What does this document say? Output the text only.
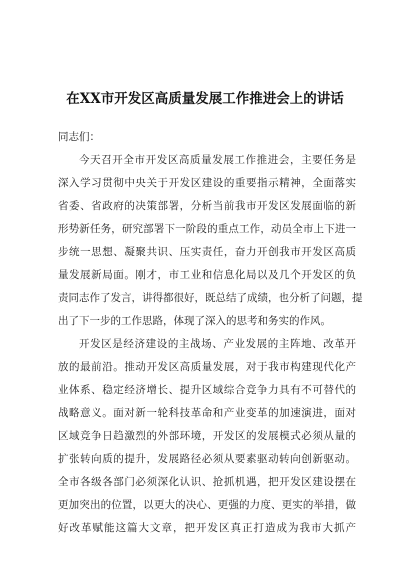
在XX市开发区高质量发展工作推进会上的讲话
同志们：
今天召开全市开发区高质量发展工作推进会，主要任务是
深入学习贯彻中央关于开发区建设的重要指示精神，全面落实
省委、省政府的决策部署，分析当前我市开发区发展面临的新
形势新任务，研究部署下一阶段的重点工作，动员全市上下进一
步统一思想、凝聚共识、压实责任，奋力开创我市开发区高质
量发展新局面。刚才，市工业和信息化局以及几个开发区的负
责同志作了发言，讲得都很好，既总结了成绩，也分析了问题，提
出了下一步的工作思路，体现了深入的思考和务实的作风。
开发区是经济建设的主战场、产业发展的主阵地、改革开
放的最前沿。推动开发区高质量发展，对于我市构建现代化产
业体系、稳定经济增长、提升区域综合竞争力具有不可替代的
战略意义。面对新一轮科技革命和产业变革的加速演进，面对
区域竞争日趋激烈的外部环境，开发区的发展模式必须从量的
扩张转向质的提升，发展路径必须从要素驱动转向创新驱动。
全市各级各部门必须深化认识、抢抓机遇，把开发区建设摆在
更加突出的位置，以更大的决心、更强的力度、更实的举措，做
好改革赋能这篇大文章，把开发区真正打造成为我市大抓产
